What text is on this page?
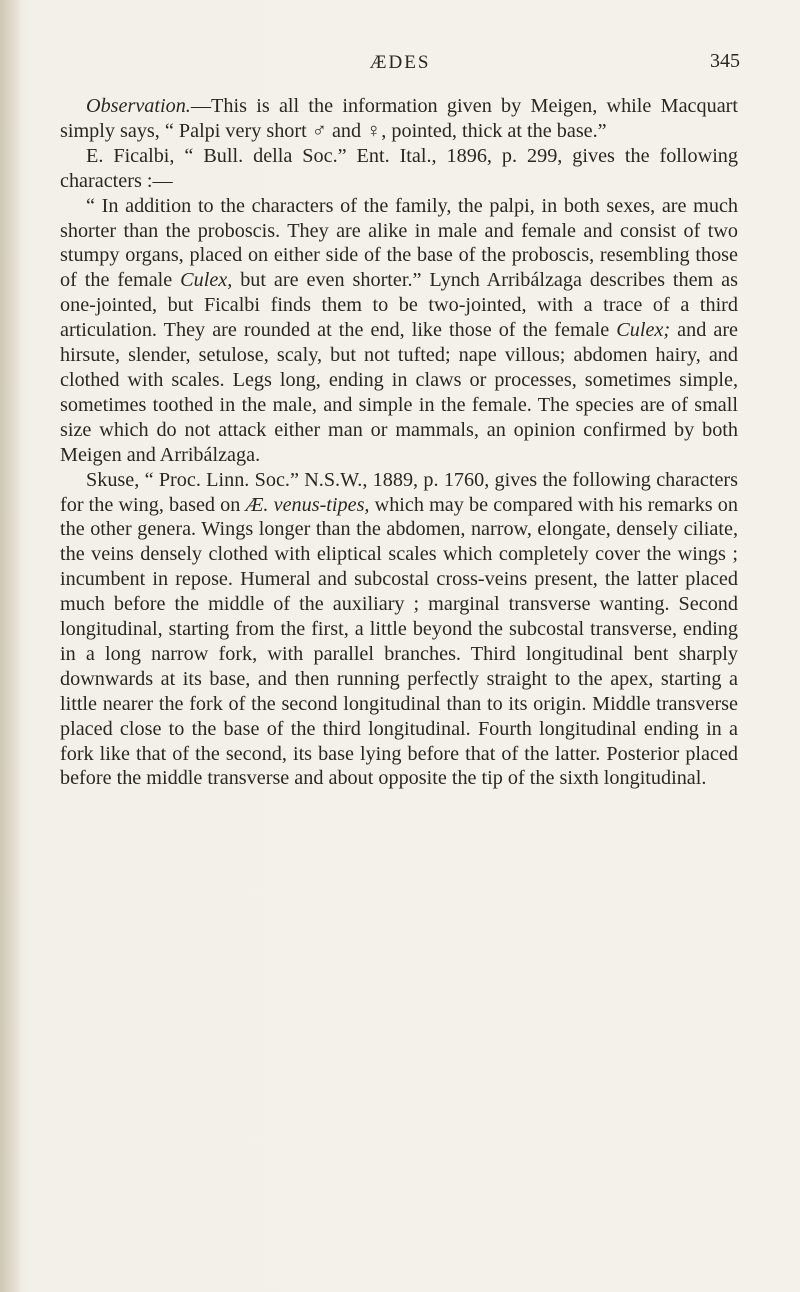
ÆDES	345

Observation.—This is all the information given by Meigen, while Macquart simply says, “ Palpi very short ♂ and ♀, pointed, thick at the base.”

E. Ficalbi, “ Bull. della Soc.” Ent. Ital., 1896, p. 299, gives the following characters :—

“ In addition to the characters of the family, the palpi, in both sexes, are much shorter than the proboscis. They are alike in male and female and consist of two stumpy organs, placed on either side of the base of the proboscis, resembling those of the female Culex, but are even shorter.” Lynch Arribálzaga describes them as one-jointed, but Ficalbi finds them to be two-jointed, with a trace of a third articulation. They are rounded at the end, like those of the female Culex; and are hirsute, slender, setulose, scaly, but not tufted; nape villous; abdomen hairy, and clothed with scales. Legs long, ending in claws or processes, sometimes simple, sometimes toothed in the male, and simple in the female. The species are of small size which do not attack either man or mammals, an opinion confirmed by both Meigen and Arribálzaga.

Skuse, “ Proc. Linn. Soc.” N.S.W., 1889, p. 1760, gives the following characters for the wing, based on Æ. venus-tipes, which may be compared with his remarks on the other genera. Wings longer than the abdomen, narrow, elongate, densely ciliate, the veins densely clothed with eliptical scales which completely cover the wings ; incumbent in repose. Humeral and subcostal cross-veins present, the latter placed much before the middle of the auxiliary ; marginal transverse wanting. Second longitudinal, starting from the first, a little beyond the subcostal transverse, ending in a long narrow fork, with parallel branches. Third longitudinal bent sharply downwards at its base, and then running perfectly straight to the apex, starting a little nearer the fork of the second longitudinal than to its origin. Middle transverse placed close to the base of the third longitudinal. Fourth longitudinal ending in a fork like that of the second, its base lying before that of the latter. Posterior placed before the middle transverse and about opposite the tip of the sixth longitudinal.
